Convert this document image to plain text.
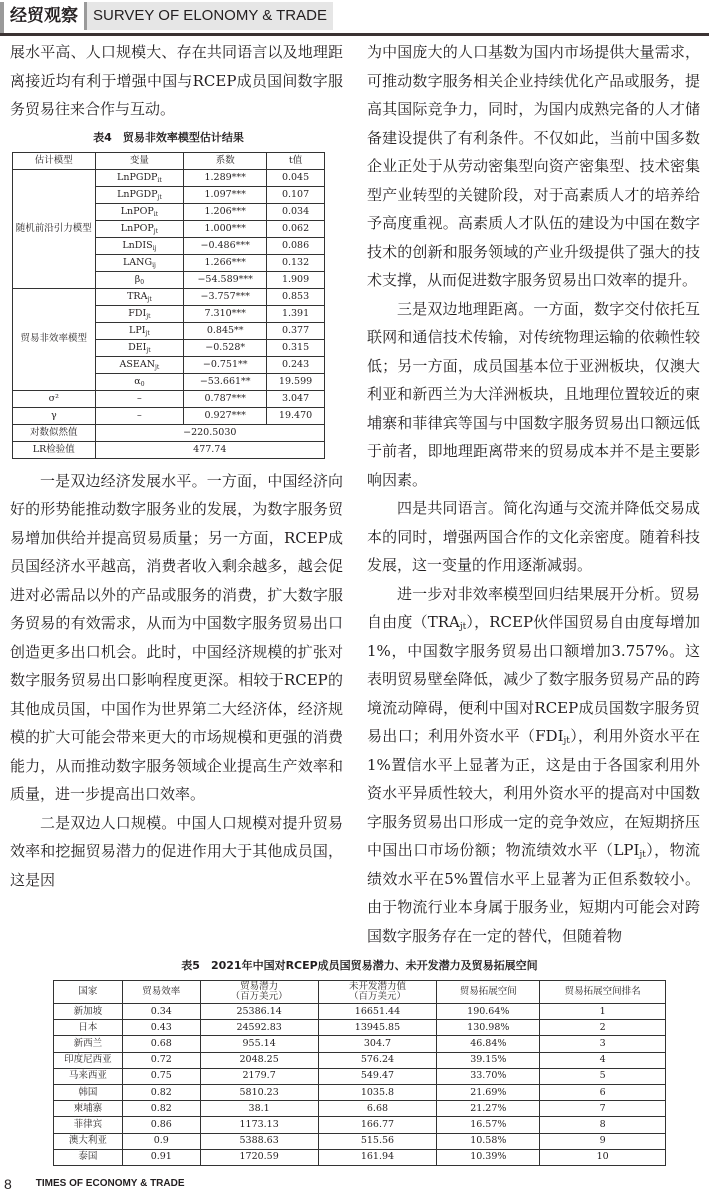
经贸观察	SURVEY OF ELONOMY & TRADE

展水平高、人口规模大、存在共同语言以及地理距离接近均有利于增强中国与RCEP成员国间数字服务贸易往来合作与互动。

表4　贸易非效率模型估计结果
估计模型	变量	系数	t值
随机前沿引力模型	LnPGDP$_{it}$	1.289***	0.045
	LnPGDP$_{jt}$	1.097***	0.107
	LnPOP$_{it}$	1.206***	0.034
	LnPOP$_{jt}$	1.000***	0.062
	LnDIS$_{ij}$	−0.486***	0.086
	$LANG_{ij}$	1.266***	0.132
	$\beta_0$	−54.589***	1.909
贸易非效率模型	$TRA_{jt}$	−3.757***	0.853
	$FDI_{jt}$	7.310***	1.391
	$LPI_{jt}$	0.845**	0.377
	$DEI_{jt}$	−0.528*	0.315
	$ASEAN_{jt}$	−0.751**	0.243
	$\alpha_0$	−53.661**	19.599
σ²	–	0.787***	3.047
γ	–	0.927***	19.470
对数似然值	−220.5030		
LR检验值	477.74		

一是双边经济发展水平。一方面，中国经济向好的形势能推动数字服务业的发展，为数字服务贸易增加供给并提高贸易质量；另一方面，RCEP成员国经济水平越高，消费者收入剩余越多，越会促进对必需品以外的产品或服务的消费，扩大数字服务贸易的有效需求，从而为中国数字服务贸易出口创造更多出口机会。此时，中国经济规模的扩张对数字服务贸易出口影响程度更深。相较于RCEP的其他成员国，中国作为世界第二大经济体，经济规模的扩大可能会带来更大的市场规模和更强的消费能力，从而推动数字服务领域企业提高生产效率和质量，进一步提高出口效率。

二是双边人口规模。中国人口规模对提升贸易效率和挖掘贸易潜力的促进作用大于其他成员国，这是因

为中国庞大的人口基数为国内市场提供大量需求，可推动数字服务相关企业持续优化产品或服务，提高其国际竞争力，同时，为国内成熟完备的人才储备建设提供了有利条件。不仅如此，当前中国多数企业正处于从劳动密集型向资产密集型、技术密集型产业转型的关键阶段，对于高素质人才的培养给予高度重视。高素质人才队伍的建设为中国在数字技术的创新和服务领域的产业升级提供了强大的技术支撑，从而促进数字服务贸易出口效率的提升。

三是双边地理距离。一方面，数字交付依托互联网和通信技术传输，对传统物理运输的依赖性较低；另一方面，成员国基本位于亚洲板块，仅澳大利亚和新西兰为大洋洲板块，且地理位置较近的柬埔寨和菲律宾等国与中国数字服务贸易出口额远低于前者，即地理距离带来的贸易成本并不是主要影响因素。

四是共同语言。简化沟通与交流并降低交易成本的同时，增强两国合作的文化亲密度。随着科技发展，这一变量的作用逐渐减弱。

进一步对非效率模型回归结果展开分析。贸易自由度$(TRA_{jt})$，RCEP伙伴国贸易自由度每增加1%，中国数字服务贸易出口额增加3.757%。这表明贸易壁垒降低，减少了数字服务贸易产品的跨境流动障碍，便利中国对RCEP成员国数字服务贸易出口；利用外资水平$(FDI_{jt})$，利用外资水平在1%置信水平上显著为正，这是由于各国家利用外资水平异质性较大，利用外资水平的提高对中国数字服务贸易出口形成一定的竞争效应，在短期挤压中国出口市场份额；物流绩效水平$(LPI_{jt})$，物流绩效水平在5%置信水平上显著为正但系数较小。由于物流行业本身属于服务业，短期内可能会对跨国数字服务存在一定的替代，但随着物

表5　2021年中国对RCEP成员国贸易潜力、未开发潜力及贸易拓展空间
国家	贸易效率	贸易潜力
（百万美元）	未开发潜力值
（百万美元）	贸易拓展空间	贸易拓展空间排名
新加坡	0.34	25386.14	16651.44	190.64%	1
日本	0.43	24592.83	13945.85	130.98%	2
新西兰	0.68	955.14	304.7	46.84%	3
印度尼西亚	0.72	2048.25	576.24	39.15%	4
马来西亚	0.75	2179.7	549.47	33.70%	5
韩国	0.82	5810.23	1035.8	21.69%	6
柬埔寨	0.82	38.1	6.68	21.27%	7
菲律宾	0.86	1173.13	166.77	16.57%	8
澳大利亚	0.9	5388.63	515.56	10.58%	9
泰国	0.91	1720.59	161.94	10.39%	10
8 TIMES OF ECONOMY & TRADE
